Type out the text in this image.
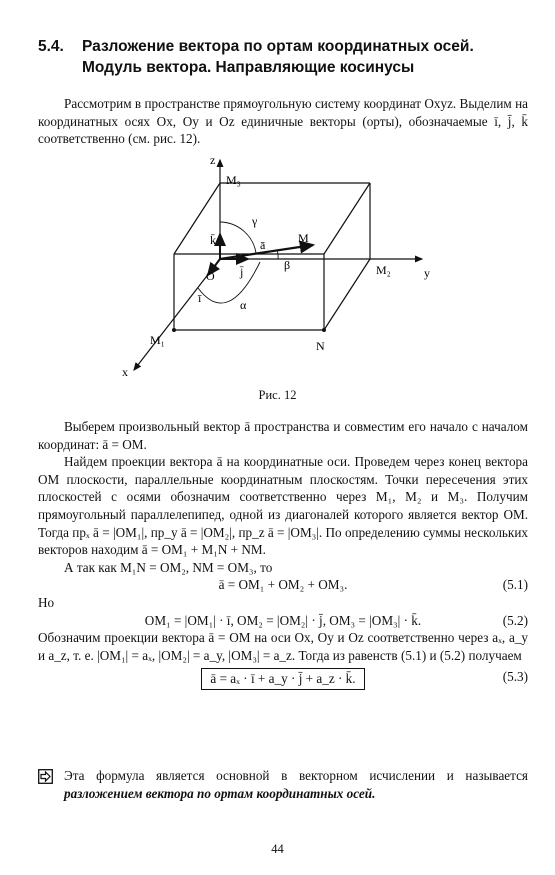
5.4. Разложение вектора по ортам координатных осей.
Модуль вектора. Направляющие косинусы
Рассмотрим в пространстве прямоугольную систему координат Oxyz. Выделим на координатных осях Ox, Oy и Oz единичные векторы (орты), обозначаемые ī, j̄, k̄ соответственно (см. рис. 12).
z
y
x
O
M
M₁
M₂
M₃
N
ī
j̄
k̄	ā
α
β
γ
Рис. 12
Выберем произвольный вектор ā пространства и совместим его начало с началом координат: ā = OM.
Найдем проекции вектора ā на координатные оси. Проведем через конец вектора OM плоскости, параллельные координатным плоскостям. Точки пересечения этих плоскостей с осями обозначим соответственно через M₁, M₂ и M₃. Получим прямоугольный параллелепипед, одной из диагоналей которого является вектор OM. Тогда прₓ ā = |OM₁|, пр_y ā = |OM₂|, пр_z ā = |OM₃|. По определению суммы нескольких векторов находим ā = OM₁ + M₁N + NM.
А так как M₁N = OM₂, NM = OM₃, то
ā = OM₁ + OM₂ + OM₃.	(5.1)
Но
OM₁ = |OM₁| · ī, OM₂ = |OM₂| · j̄, OM₃ = |OM₃| · k̄.	(5.2)
Обозначим проекции вектора ā = OM на оси Ox, Oy и Oz соответственно через aₓ, a_y и a_z, т. е. |OM₁| = aₓ, |OM₂| = a_y, |OM₃| = a_z. Тогда из равенств (5.1) и (5.2) получаем
ā = aₓ · ī + a_y · j̄ + a_z · k̄.	(5.3)
Эта формула является основной в векторном исчислении и называется разложением вектора по ортам координатных осей.
44
